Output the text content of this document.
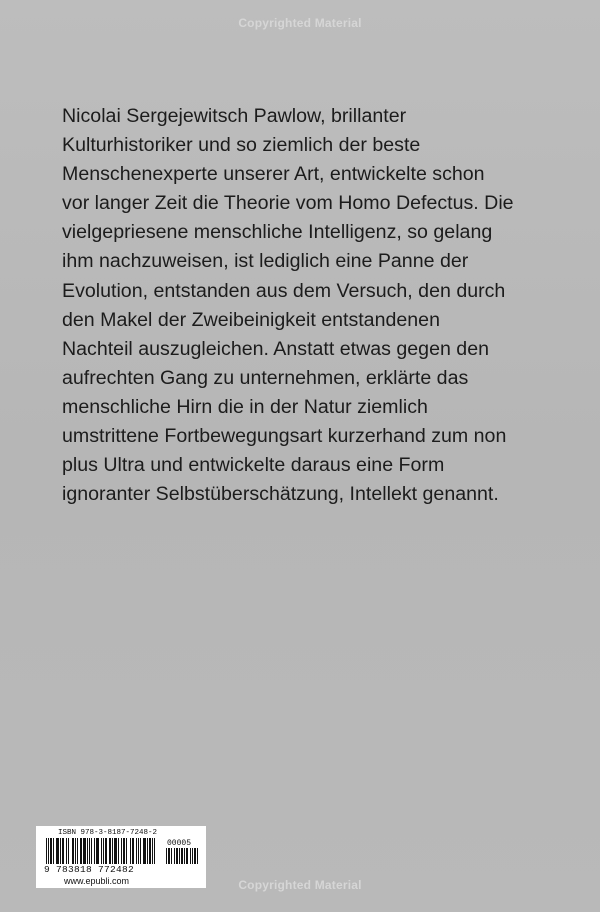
Copyrighted Material

Nicolai Sergejewitsch Pawlow, brillanter
Kulturhistoriker und so ziemlich der beste
Menschenexperte unserer Art, entwickelte schon
vor langer Zeit die Theorie vom Homo Defectus. Die
vielgepriesene menschliche Intelligenz, so gelang
ihm nachzuweisen, ist lediglich eine Panne der
Evolution, entstanden aus dem Versuch, den durch
den Makel der Zweibeinigkeit entstandenen
Nachteil auszugleichen. Anstatt etwas gegen den
aufrechten Gang zu unternehmen, erklärte das
menschliche Hirn die in der Natur ziemlich
umstrittene Fortbewegungsart kurzerhand zum non
plus Ultra und entwickelte daraus eine Form
ignoranter Selbstüberschätzung, Intellekt genannt.

ISBN 978-3-8187-7248-2
00005
9 783818 772482
www.epubli.com	Copyrighted Material
